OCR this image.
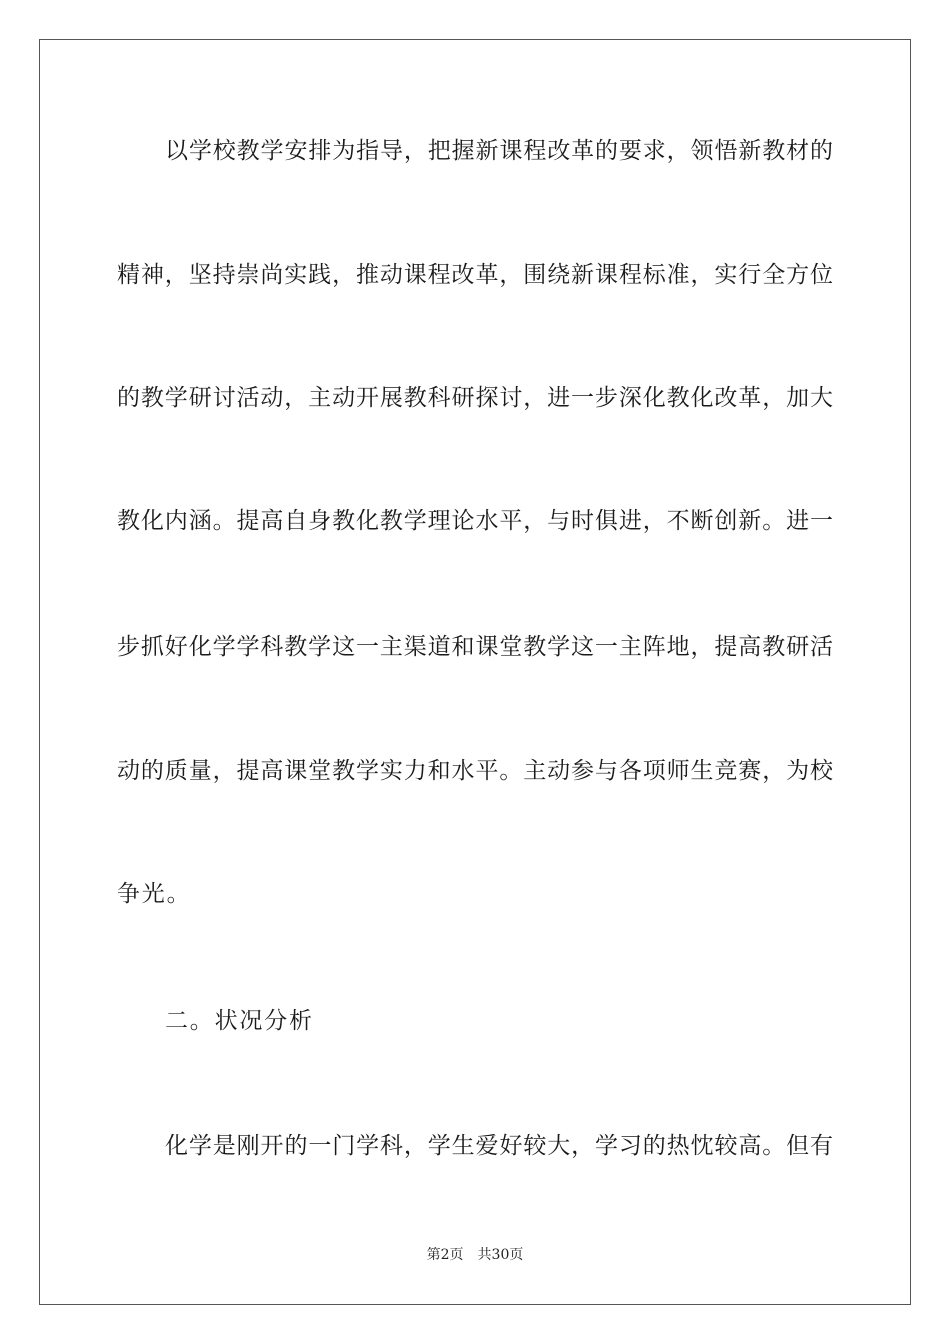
以学校教学安排为指导，把握新课程改革的要求，领悟新教材的
精神，坚持崇尚实践，推动课程改革，围绕新课程标准，实行全方位
的教学研讨活动，主动开展教科研探讨，进一步深化教化改革，加大
教化内涵。提高自身教化教学理论水平，与时俱进，不断创新。进一
步抓好化学学科教学这一主渠道和课堂教学这一主阵地，提高教研活
动的质量，提高课堂教学实力和水平。主动参与各项师生竞赛，为校
争光。
二。状况分析
化学是刚开的一门学科，学生爱好较大，学习的热忱较高。但有
第2页 共30页
